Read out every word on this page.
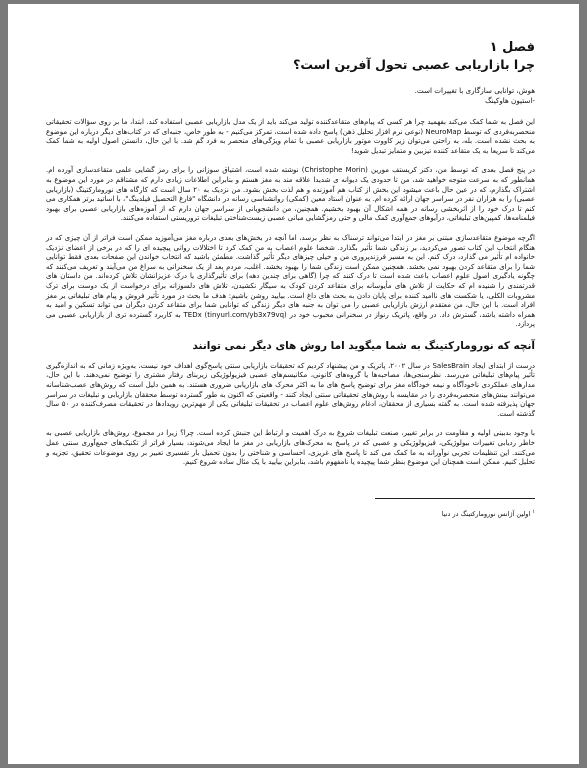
فصل ۱
چرا بازاریابی عصبی تحول آفرین است؟
هوش، توانایی سازگاری با تغییرات است.
-استیون هاوکینگ

این فصل به شما کمک می‌کند بفهمید چرا هر کسی که پیام‌های متقاعدکننده تولید می‌کند باید از یک مدل بازاریابی عصبی استفاده کند. ابتدا، ما بر روی سؤالات تحقیقاتی منحصربه‌فردی که توسط NeuroMap (نوعی نرم افزار تحلیل ذهن) پاسخ داده شده است، تمرکز می‌کنیم - به طور خاص، جنبه‌ای که در کتاب‌های دیگر درباره این موضوع به بحث نشده است. بله، به راحتی می‌توان زیر کاووت موتور بازاریابی عصبی با تمام ویژگی‌های منحصر به فرد گم شد. با این حال، دانستن اصول اولیه به شما کمک می‌کند تا سریعا به یک متقاعد کننده تیزبین و متمایز تبدیل شوید!

در پنج فصل بعدی که توسط من، دکتر کریستف مورین (Christophe Morin) نوشته شده است، اشتیاق سوزانی را برای رمز گشایی علمی متقاعدسازی آورده ام. همانطور که به سرعت متوجه خواهید شد، من تا حدودی یک دیوانه ی شدیدا علاقه مند به مغز هستم و بنابراین اطلاعات زیادی دارم که مشتاقم در مورد این موضوع به اشتراک بگذارم، که در عین حال باعث میشود این بخش از کتاب هم آموزنده و هم لذت بخش بشود. من نزدیک به ۲۰ سال است که کارگاه های نوروماركتینگ (بازاریابی عصبی) را به هزاران نفر در سراسر جهان ارائه کرده ام. به عنوان استاد معین (کمکی) روانشناسی رسانه در دانشگاه "فارغ التحصیل فیلدینگ"، با اساتید برتر همکاری می کنم تا درک خود را از اثربخشی رسانه در همه اشکال آن بهبود بخشیم. همچنین، من دانشجویانی از سراسر جهان دارم که از آموزه‌های بازاریابی عصبی برای بهبود فیلمنامه‌ها، کمپین‌های تبلیغاتی، درآیوهای جمع‌آوری کمک مالی و حتی رمزگشایی مبانی عصبی زیست‌شناختی تبلیغات تروریستی استفاده می‌کنند.

اگرچه موضوع متقاعدسازی مبتنی بر مغز در ابتدا می‌تواند ترسناک به نظر برسد، اما آنچه در بخش‌های بعدی درباره مغز می‌آموزید ممکن است فراتر از آن چیزی که در هنگام انتخاب این کتاب تصور می‌کردید، بر زندگی شما تأثیر بگذارد. شخصا علوم اعصاب به من کمک کرد تا اختلالات روانی پیچیده ای را که در برخی از اعضای نزدیک خانواده ام تأثیر می گذارد، درک کنم. این به مسیر فرزندپروری من و خیلی چیزهای دیگر تأثیر گذاشت. مطمئن باشید که انتخاب خواندن این صفحات بعدی فقط توانایی شما را برای متقاعد کردن بهبود نمی بخشد. همچنین ممکن است زندگی شما را بهبود بخشد. اغلب، مردم بعد از یک سخنرانی به سراغ من می‌آیند و تعریف می‌کنند که چگونه یادگیری اصول علوم اعصاب باعث شده است تا درک کنند که چرا (گاهی برای چندین دهه) برای تأثیرگذاری یا درک عزیزانشان تلاش کرده‌اند. من داستان های قدرتمندی را شنیده ام که حکایت از تلاش های مأیوسانه برای متقاعد کردن کودک به سیگار نکشیدن، تلاش های دلسوزانه برای درخواست از یک دوست برای ترک مشروبات الکلی، یا شکست های ناامید کننده برای پایان دادن به بحث های داغ است. بیایید روشن باشیم: هدف ما بحث در مورد تأثیر فروش و پیام های تبلیغاتی بر مغز افراد است. با این حال، من معتقدم ارزش بازاریابی عصبی را می توان به جنبه های دیگر زندگی که توانایی شما برای متقاعد کردن دیگران می تواند تسکین و امید به همراه داشته باشد، گسترش داد. در واقع، پاتریک رنواز در سخنرانی محبوب خود در TEDx (tinyurl.com/yb3x79vq) به کاربرد گسترده تری از بازاریابی عصبی می پردازد.

آنچه که نوروماركتینگ به شما میگوید اما روش های دیگر نمی توانند

درست از ابتدای ایجاد SalesBrain در سال ۲۰۰۲، پاتریک و من پیشنهاد کردیم که تحقیقات بازاریابی سنتی پاسخ‌گوی اهداف خود نیست، به‌ویژه زمانی که به اندازه‌گیری تأثیر پیام‌های تبلیغاتی می‌رسد. نظرسنجی‌ها، مصاحبه‌ها یا گروه‌های کانونی، مکانیسم‌های عصبی فیزیولوژیکی زیربنای رفتار مشتری را توضیح نمی‌دهند. با این حال، مدارهای عملکردی ناخودآگاه و نیمه خودآگاه مغز برای توضیح پاسخ های ما به اکثر محرک های بازاریابی ضروری هستند. به همین دلیل است که روش‌های عصب‌شناسانه می‌توانند بینش‌های منحصربه‌فردی را در مقایسه با روش‌های تحقیقاتی سنتی ایجاد کنند - واقعیتی که اکنون به طور گسترده توسط محققان بازاریابی و تبلیغات در سراسر جهان پذیرفته شده است. به گفته بسیاری از محققان، ادغام روش‌های علوم اعصاب در تحقیقات تبلیغاتی یکی از مهم‌ترین رویدادها در تحقیقات مصرف‌کننده در ۵۰ سال گذشته است.

با وجود بدبینی اولیه و مقاومت در برابر تغییر، صنعت تبلیغات شروع به درک اهمیت و ارتباط این جنبش کرده است. چرا؟ زیرا در مجموع، روش‌های بازاریابی عصبی به خاطر ردیابی تغییرات بیولوژیکی، فیزیولوژیکی و عصبی که در پاسخ به محرک‌های بازاریابی در مغز ما ایجاد می‌شوند، بسیار فراتر از تکنیک‌های جمع‌آوری سنتی عمل می‌کنند. این تنظیمات تجربی نوآورانه به ما کمک می کند تا پاسخ های غریزی، احساسی و شناختی را بدون تحمیل بار تفسیری تعبیر بر روی موضوعات تحقیق، تجزیه و تحلیل کنیم. ممکن است همچنان این موضوع بنظر شما پیچیده یا نامفهوم باشد، بنابراین بیایید با یک مثال ساده شروع کنیم.

$^۱$ اولین آژانس نوروماركتینگ در دنیا
